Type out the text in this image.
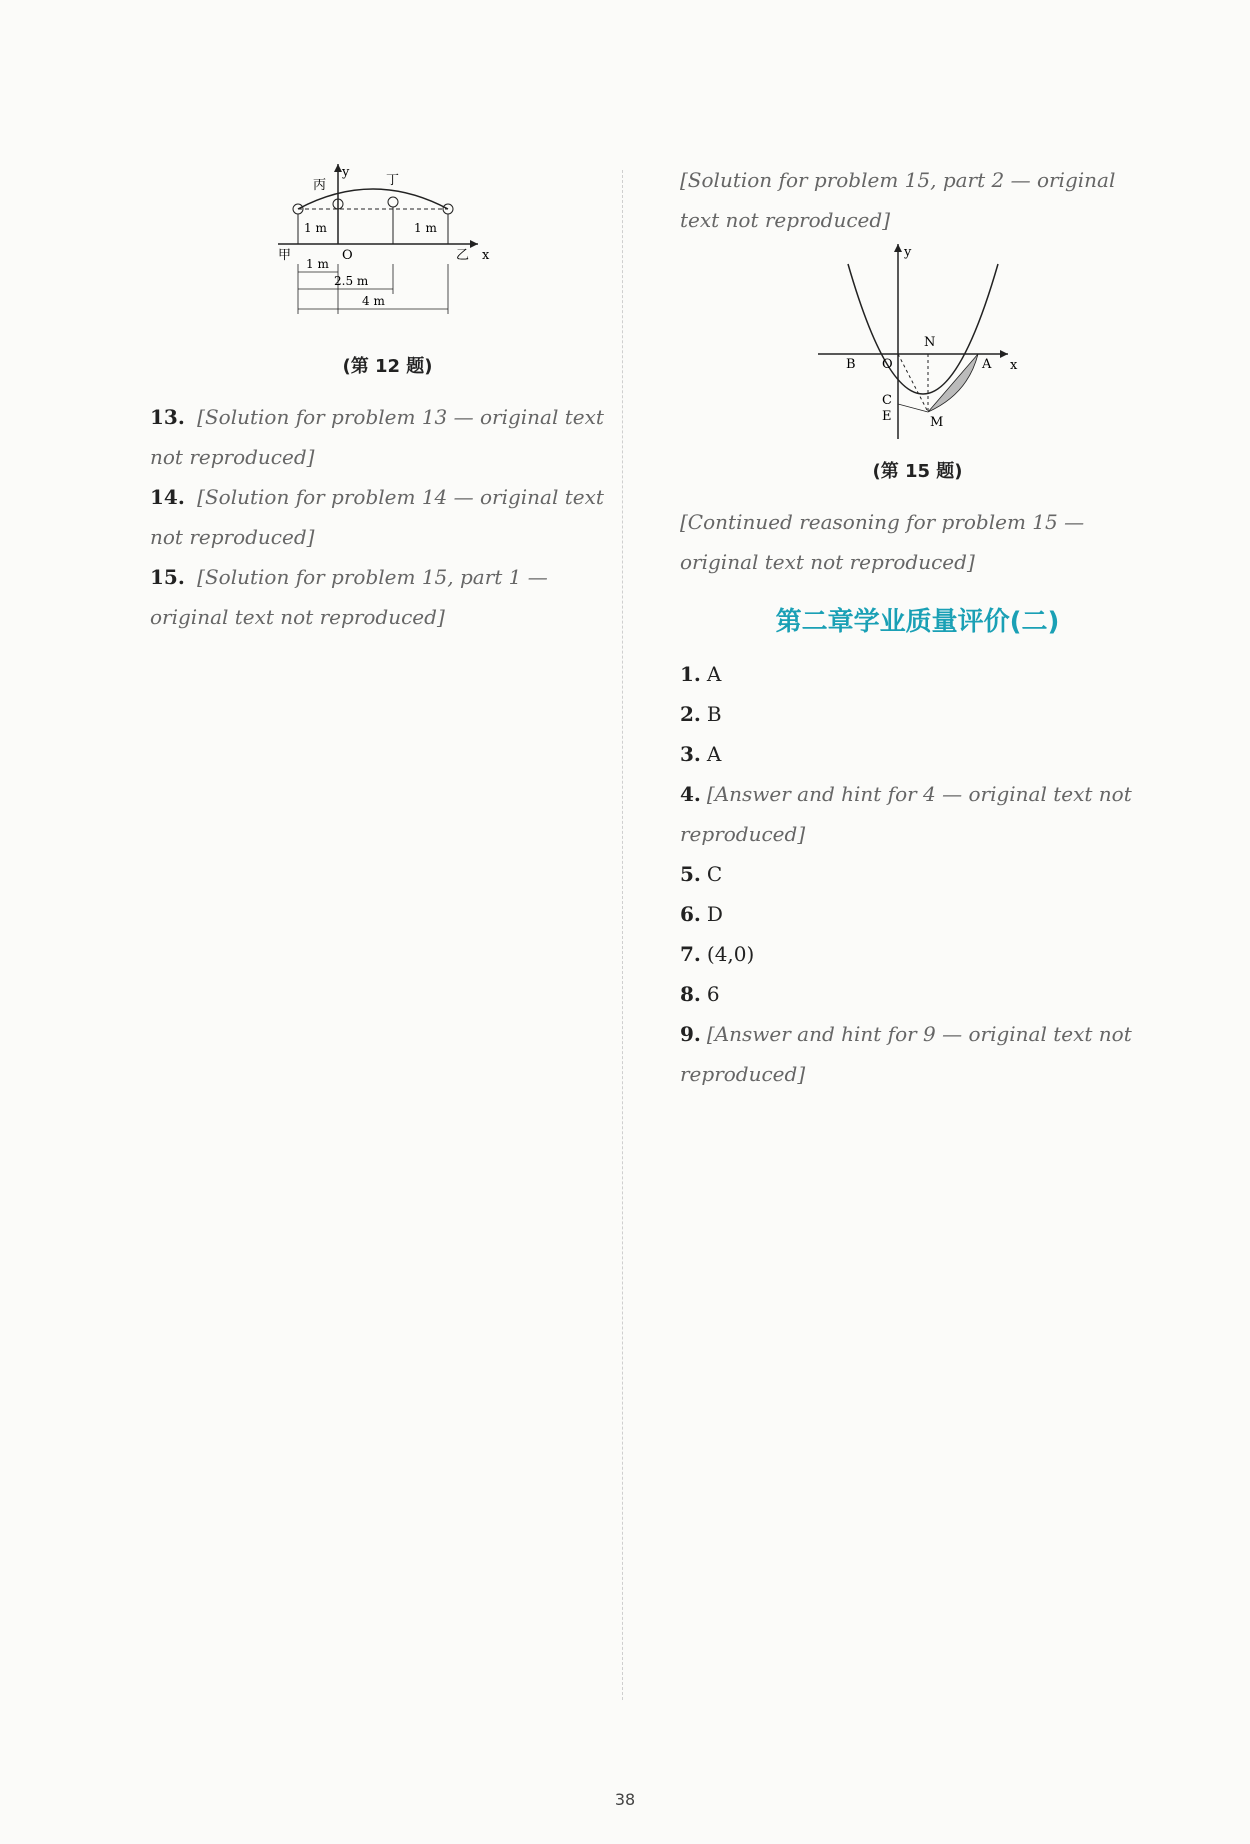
y
x
O
甲	乙
丙	丁
1 m	1 m
1 m
2.5 m
4 m
(第 12 题)
13. [Solution for problem 13 — original text not reproduced]
14. [Solution for problem 14 — original text not reproduced]
15. [Solution for problem 15, part 1 — original text not reproduced]

[Solution for problem 15, part 2 — original text not reproduced]

y
x
O
N
A
B
C
E	M
(第 15 题)

[Continued reasoning for problem 15 — original text not reproduced]

第二章学业质量评价(二)
1. A
2. B
3. A
4. [Answer and hint for 4 — original text not reproduced]
5. C
6. D
7. (4,0)
8. 6
9. [Answer and hint for 9 — original text not reproduced]
38
